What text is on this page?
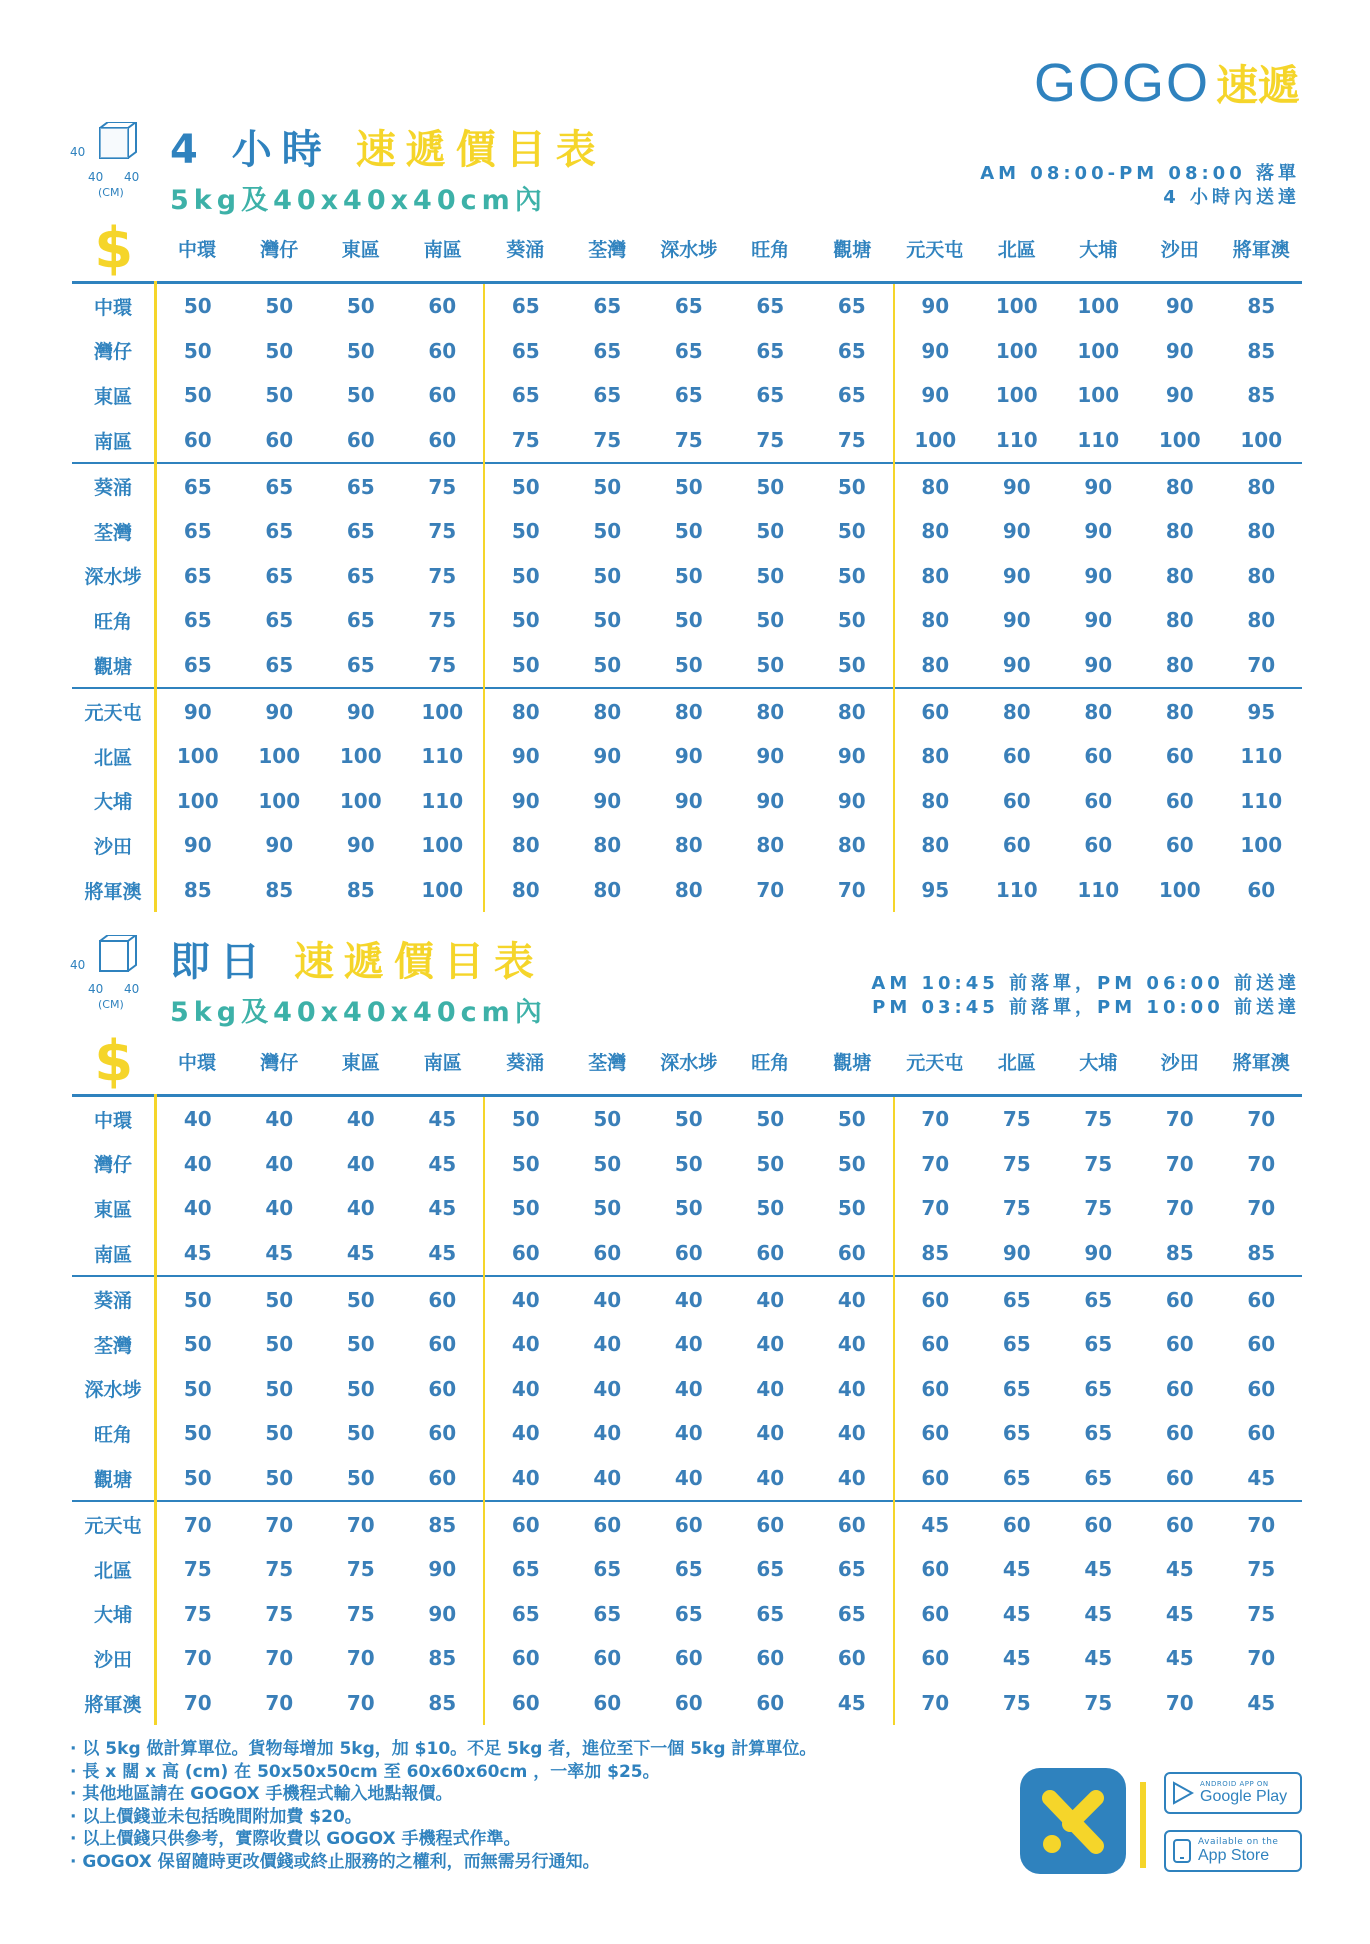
GOGO 速遞
40
40 40
(CM)
4 小時 速遞價目表
5kg及40x40x40cm內
AM 08:00-PM 08:00 落單
4 小時內送達
$	中環	灣仔	東區	南區	葵涌	荃灣	深水埗	旺角	觀塘	元天屯	北區	大埔	沙田	將軍澳
中環	50	50	50	60	65	65	65	65	65	90	100	100	90	85
灣仔	50	50	50	60	65	65	65	65	65	90	100	100	90	85
東區	50	50	50	60	65	65	65	65	65	90	100	100	90	85
南區	60	60	60	60	75	75	75	75	75	100	110	110	100	100
葵涌	65	65	65	75	50	50	50	50	50	80	90	90	80	80
荃灣	65	65	65	75	50	50	50	50	50	80	90	90	80	80
深水埗	65	65	65	75	50	50	50	50	50	80	90	90	80	80
旺角	65	65	65	75	50	50	50	50	50	80	90	90	80	80
觀塘	65	65	65	75	50	50	50	50	50	80	90	90	80	70
元天屯	90	90	90	100	80	80	80	80	80	60	80	80	80	95
北區	100	100	100	110	90	90	90	90	90	80	60	60	60	110
大埔	100	100	100	110	90	90	90	90	90	80	60	60	60	110
沙田	90	90	90	100	80	80	80	80	80	80	60	60	60	100
將軍澳	85	85	85	100	80	80	80	70	70	95	110	110	100	60
40
40 40
(CM)
即日 速遞價目表
5kg及40x40x40cm內
AM 10:45 前落單，PM 06:00 前送達
PM 03:45 前落單，PM 10:00 前送達
$	中環	灣仔	東區	南區	葵涌	荃灣	深水埗	旺角	觀塘	元天屯	北區	大埔	沙田	將軍澳
中環	40	40	40	45	50	50	50	50	50	70	75	75	70	70
灣仔	40	40	40	45	50	50	50	50	50	70	75	75	70	70
東區	40	40	40	45	50	50	50	50	50	70	75	75	70	70
南區	45	45	45	45	60	60	60	60	60	85	90	90	85	85
葵涌	50	50	50	60	40	40	40	40	40	60	65	65	60	60
荃灣	50	50	50	60	40	40	40	40	40	60	65	65	60	60
深水埗	50	50	50	60	40	40	40	40	40	60	65	65	60	60
旺角	50	50	50	60	40	40	40	40	40	60	65	65	60	60
觀塘	50	50	50	60	40	40	40	40	40	60	65	65	60	45
元天屯	70	70	70	85	60	60	60	60	60	45	60	60	60	70
北區	75	75	75	90	65	65	65	65	65	60	45	45	45	75
大埔	75	75	75	90	65	65	65	65	65	60	45	45	45	75
沙田	70	70	70	85	60	60	60	60	60	60	45	45	45	70
將軍澳	70	70	70	85	60	60	60	60	45	70	75	75	70	45
· 以 5kg 做計算單位。貨物每增加 5kg，加 $10。不足 5kg 者，進位至下一個 5kg 計算單位。
· 長 x 闊 x 高 (cm) 在 50x50x50cm 至 60x60x60cm ，一率加 $25。
· 其他地區請在 GOGOX 手機程式輸入地點報價。
· 以上價錢並未包括晚間附加費 $20。
· 以上價錢只供參考，實際收費以 GOGOX 手機程式作準。
· GOGOX 保留隨時更改價錢或終止服務的之權利，而無需另行通知。
ANDROID APP ON
Google Play
Available on the
App Store
